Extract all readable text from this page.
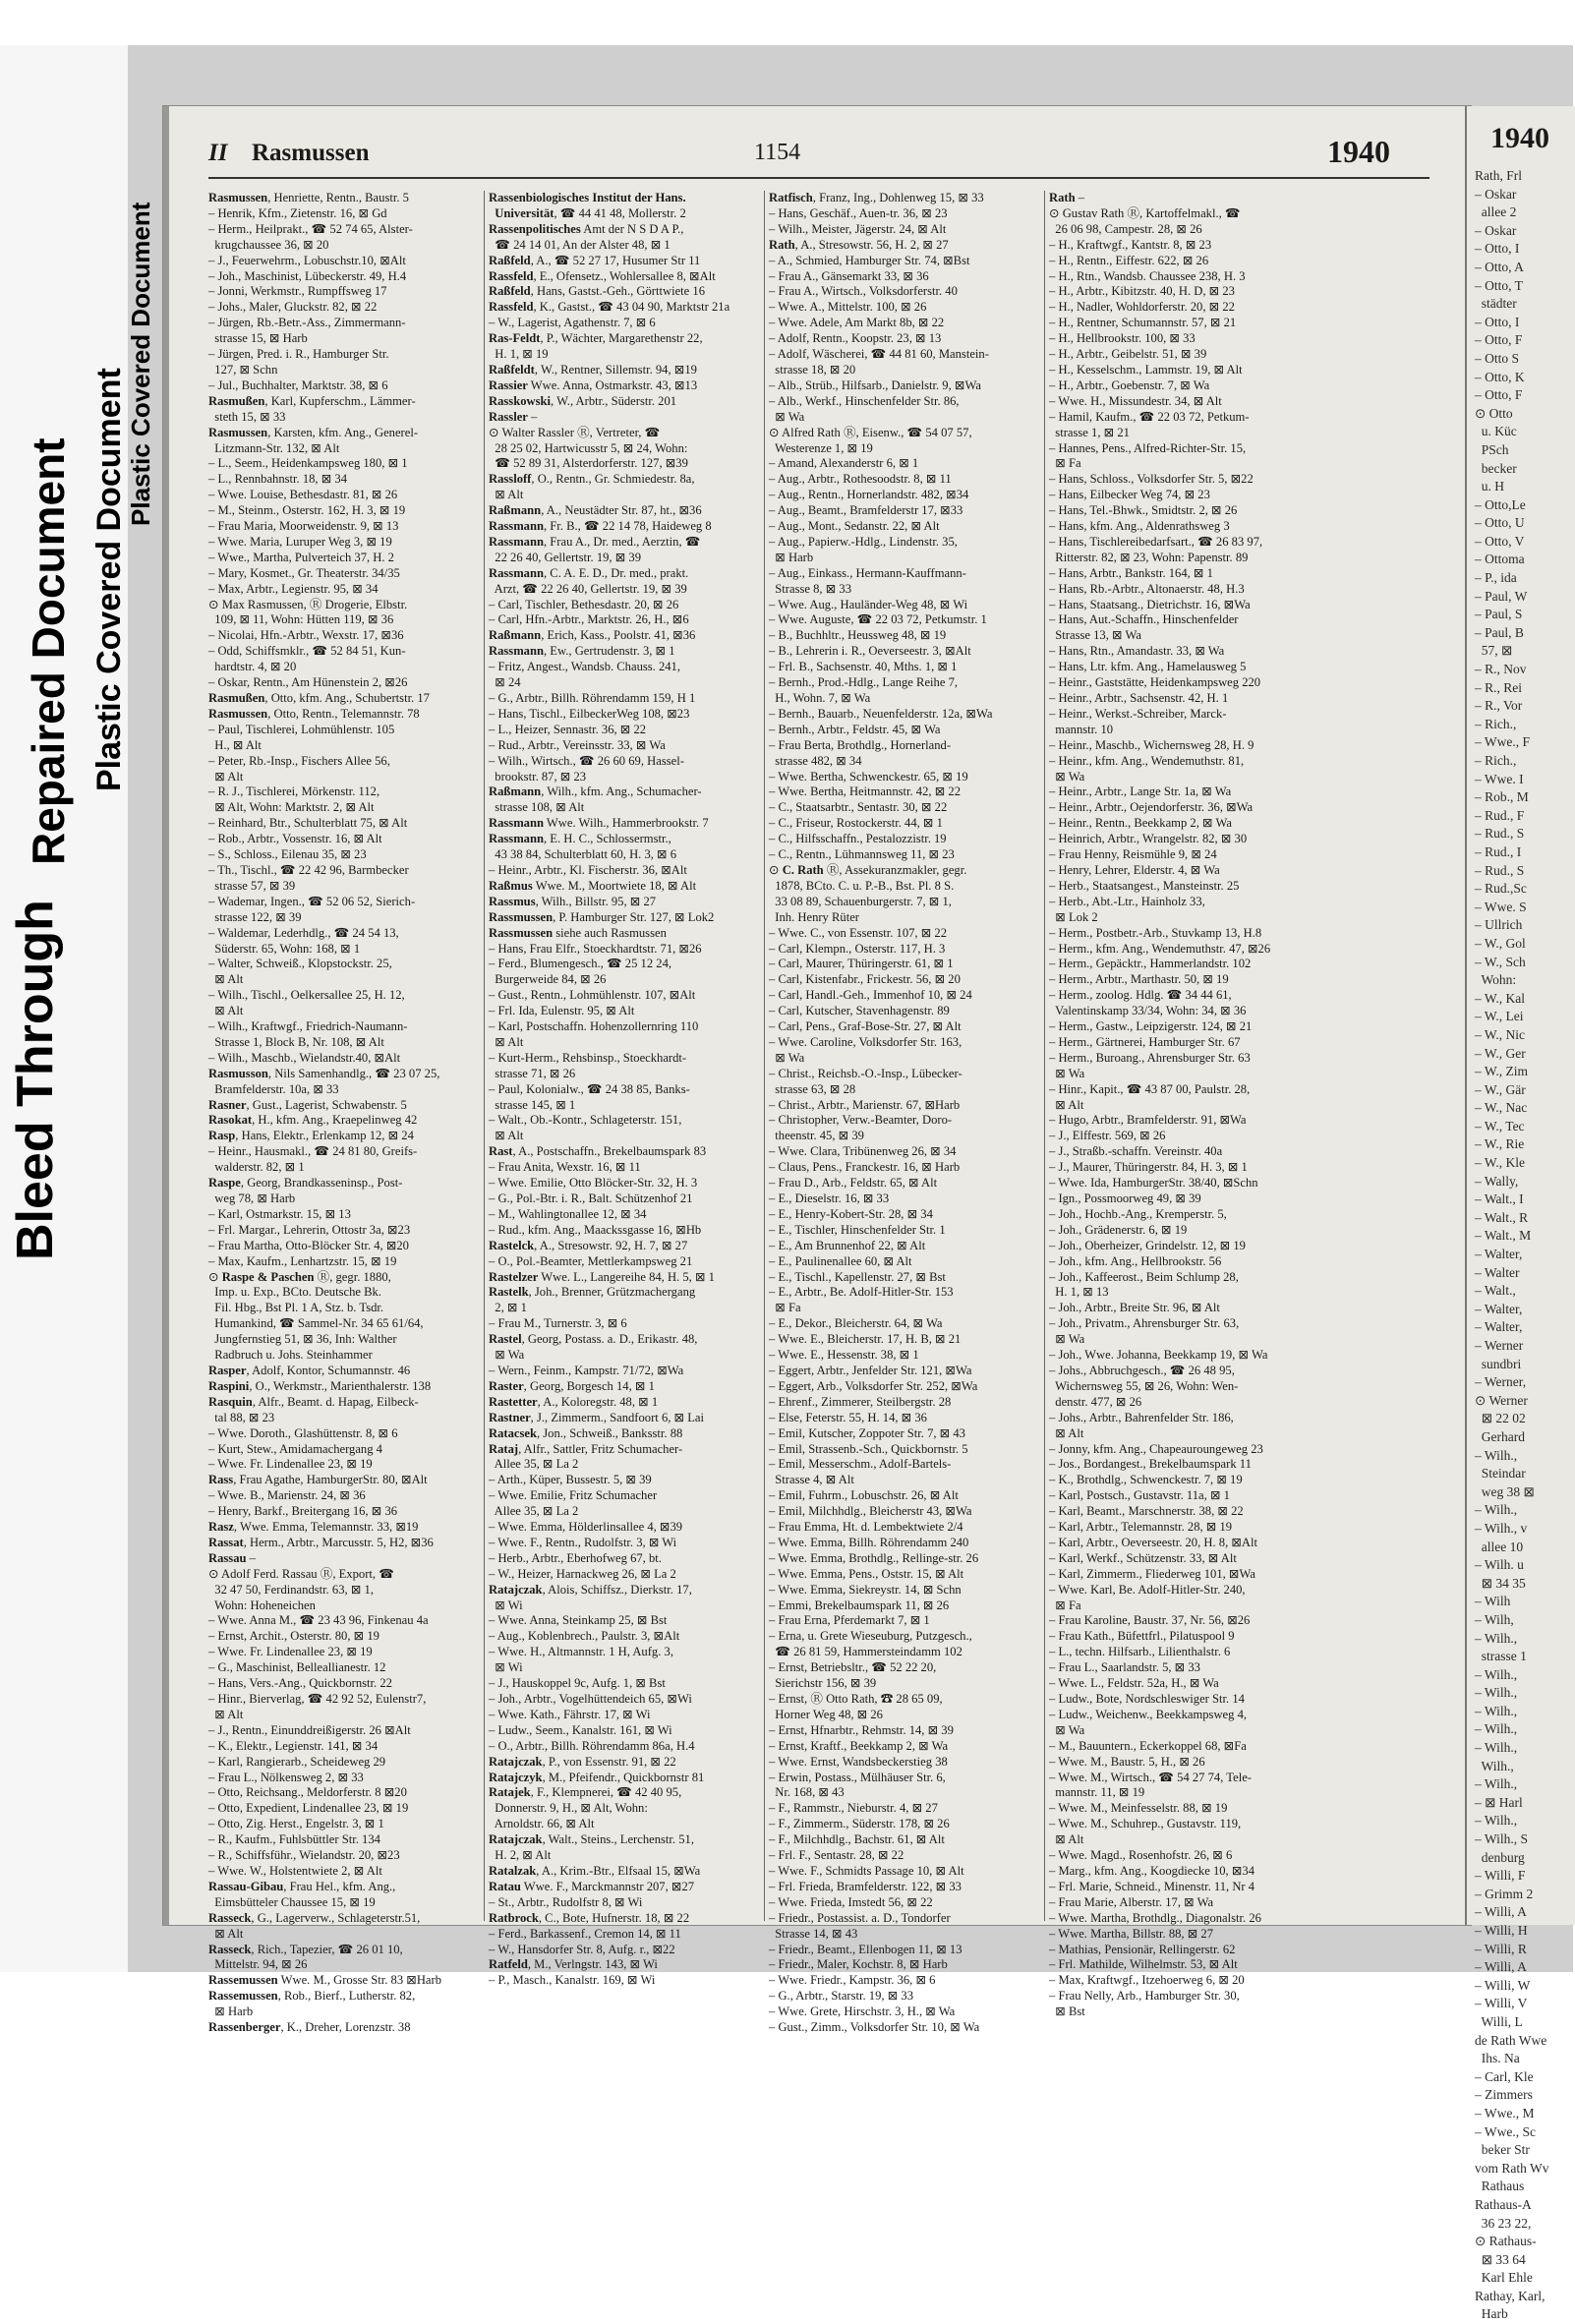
Bleed Through
Repaired Document Plastic Covered Document
Plastic Covered Document
II Rasmussen	1154	1940
Rasmussen, Henriette, Rentn., Baustr. 5
– Henrik, Kfm., Zietenstr. 16, ⊠ Gd
– Herm., Heilprakt., ☎ 52 74 65, Alster-
krugchaussee 36, ⊠ 20
– J., Feuerwehrm., Lobuschstr.10, ⊠Alt
– Joh., Maschinist, Lübeckerstr. 49, H.4
– Jonni, Werkmstr., Rumpffsweg 17
– Johs., Maler, Gluckstr. 82, ⊠ 22
– Jürgen, Rb.-Betr.-Ass., Zimmermann-
strasse 15, ⊠ Harb
– Jürgen, Pred. i. R., Hamburger Str.
127, ⊠ Schn
– Jul., Buchhalter, Marktstr. 38, ⊠ 6
Rasmußen, Karl, Kupferschm., Lämmer-
steth 15, ⊠ 33
Rasmussen, Karsten, kfm. Ang., Generel-
Litzmann-Str. 132, ⊠ Alt
– L., Seem., Heidenkampsweg 180, ⊠ 1
– L., Rennbahnstr. 18, ⊠ 34
– Wwe. Louise, Bethesdastr. 81, ⊠ 26
– M., Steinm., Osterstr. 162, H. 3, ⊠ 19
– Frau Maria, Moorweidenstr. 9, ⊠ 13
– Wwe. Maria, Luruper Weg 3, ⊠ 19
– Wwe., Martha, Pulverteich 37, H. 2
– Mary, Kosmet., Gr. Theaterstr. 34/35
– Max, Arbtr., Legienstr. 95, ⊠ 34
⊙ Max Rasmussen, Ⓡ Drogerie, Elbstr.
109, ⊠ 11, Wohn: Hütten 119, ⊠ 36
– Nicolai, Hfn.-Arbtr., Wexstr. 17, ⊠36
– Odd, Schiffsmklr., ☎ 52 84 51, Kun-
hardtstr. 4, ⊠ 20
– Oskar, Rentn., Am Hünenstein 2, ⊠26
Rasmußen, Otto, kfm. Ang., Schubertstr. 17
Rasmussen, Otto, Rentn., Telemannstr. 78
– Paul, Tischlerei, Lohmühlenstr. 105
H., ⊠ Alt
– Peter, Rb.-Insp., Fischers Allee 56,
⊠ Alt
– R. J., Tischlerei, Mörkenstr. 112,
⊠ Alt, Wohn: Marktstr. 2, ⊠ Alt
– Reinhard, Btr., Schulterblatt 75, ⊠ Alt
– Rob., Arbtr., Vossenstr. 16, ⊠ Alt
– S., Schloss., Eilenau 35, ⊠ 23
– Th., Tischl., ☎ 22 42 96, Barmbecker
strasse 57, ⊠ 39
– Wademar, Ingen., ☎ 52 06 52, Sierich-
strasse 122, ⊠ 39
– Waldemar, Lederhdlg., ☎ 24 54 13,
Süderstr. 65, Wohn: 168, ⊠ 1
– Walter, Schweiß., Klopstockstr. 25,
⊠ Alt
– Wilh., Tischl., Oelkersallee 25, H. 12,
⊠ Alt
– Wilh., Kraftwgf., Friedrich-Naumann-
Strasse 1, Block B, Nr. 108, ⊠ Alt
– Wilh., Maschb., Wielandstr.40, ⊠Alt
Rasmusson, Nils Samenhandlg., ☎ 23 07 25,
Bramfelderstr. 10a, ⊠ 33
Rasner, Gust., Lagerist, Schwabenstr. 5
Rasokat, H., kfm. Ang., Kraepelinweg 42
Rasp, Hans, Elektr., Erlenkamp 12, ⊠ 24
– Heinr., Hausmakl., ☎ 24 81 80, Greifs-
walderstr. 82, ⊠ 1
Raspe, Georg, Brandkasseninsp., Post-
weg 78, ⊠ Harb
– Karl, Ostmarkstr. 15, ⊠ 13
– Frl. Margar., Lehrerin, Ottostr 3a, ⊠23
– Frau Martha, Otto-Blöcker Str. 4, ⊠20
– Max, Kaufm., Lenhartzstr. 15, ⊠ 19
⊙ Raspe & Paschen Ⓡ, gegr. 1880,
Imp. u. Exp., BCto. Deutsche Bk.
Fil. Hbg., Bst Pl. 1 A, Stz. b. Tsdr.
Humankind, ☎ Sammel-Nr. 34 65 61/64,
Jungfernstieg 51, ⊠ 36, Inh: Walther
Radbruch u. Johs. Steinhammer
Rasper, Adolf, Kontor, Schumannstr. 46
Raspini, O., Werkmstr., Marienthalerstr. 138
Rasquin, Alfr., Beamt. d. Hapag, Eilbeck-
tal 88, ⊠ 23
– Wwe. Doroth., Glashüttenstr. 8, ⊠ 6
– Kurt, Stew., Amidamachergang 4
– Wwe. Fr. Lindenallee 23, ⊠ 19
Rass, Frau Agathe, HamburgerStr. 80, ⊠Alt
– Wwe. B., Marienstr. 24, ⊠ 36
– Henry, Barkf., Breitergang 16, ⊠ 36
Rasz, Wwe. Emma, Telemannstr. 33, ⊠19
Rassat, Herm., Arbtr., Marcusstr. 5, H2, ⊠36
Rassau –
⊙ Adolf Ferd. Rassau Ⓡ, Export, ☎
32 47 50, Ferdinandstr. 63, ⊠ 1,
Wohn: Hoheneichen
– Wwe. Anna M., ☎ 23 43 96, Finkenau 4a
– Ernst, Archit., Osterstr. 80, ⊠ 19
– Wwe. Fr. Lindenallee 23, ⊠ 19
– G., Maschinist, Belleallianestr. 12
– Hans, Vers.-Ang., Quickbornstr. 22
– Hinr., Bierverlag, ☎ 42 92 52, Eulenstr7,
⊠ Alt
– J., Rentn., Einunddreißigerstr. 26 ⊠Alt
– K., Elektr., Legienstr. 141, ⊠ 34
– Karl, Rangierarb., Scheideweg 29
– Frau L., Nölkensweg 2, ⊠ 33
– Otto, Reichsang., Meldorferstr. 8 ⊠20
– Otto, Expedient, Lindenallee 23, ⊠ 19
– Otto, Zig. Herst., Engelstr. 3, ⊠ 1
– R., Kaufm., Fuhlsbüttler Str. 134
– R., Schiffsführ., Wielandstr. 20, ⊠23
– Wwe. W., Holstentwiete 2, ⊠ Alt
Rassau-Gibau, Frau Hel., kfm. Ang.,
Eimsbütteler Chaussee 15, ⊠ 19
Rasseck, G., Lagerverw., Schlageterstr.51,
⊠ Alt
Rasseck, Rich., Tapezier, ☎ 26 01 10,
Mittelstr. 94, ⊠ 26
Rassemussen Wwe. M., Grosse Str. 83 ⊠Harb
Rassemussen, Rob., Bierf., Lutherstr. 82,
⊠ Harb
Rassenberger, K., Dreher, Lorenzstr. 38
Rassenbiologisches Institut der Hans.
Universität, ☎ 44 41 48, Mollerstr. 2
Rassenpolitisches Amt der N S D A P.,
☎ 24 14 01, An der Alster 48, ⊠ 1
Raßfeld, A., ☎ 52 27 17, Husumer Str 11
Rassfeld, E., Ofensetz., Wohlersallee 8, ⊠Alt
Raßfeld, Hans, Gastst.-Geh., Görttwiete 16
Rassfeld, K., Gastst., ☎ 43 04 90, Marktstr 21a
– W., Lagerist, Agathenstr. 7, ⊠ 6
Ras-Feldt, P., Wächter, Margarethenstr 22,
H. 1, ⊠ 19
Raßfeldt, W., Rentner, Sillemstr. 94, ⊠19
Rassier Wwe. Anna, Ostmarkstr. 43, ⊠13
Rasskowski, W., Arbtr., Süderstr. 201
Rassler –
⊙ Walter Rassler Ⓡ, Vertreter, ☎
28 25 02, Hartwicusstr 5, ⊠ 24, Wohn:
☎ 52 89 31, Alsterdorferstr. 127, ⊠39
Rassloff, O., Rentn., Gr. Schmiedestr. 8a,
⊠ Alt
Raßmann, A., Neustädter Str. 87, ht., ⊠36
Rassmann, Fr. B., ☎ 22 14 78, Haideweg 8
Rassmann, Frau A., Dr. med., Aerztin, ☎
22 26 40, Gellertstr. 19, ⊠ 39
Rassmann, C. A. E. D., Dr. med., prakt.
Arzt, ☎ 22 26 40, Gellertstr. 19, ⊠ 39
– Carl, Tischler, Bethesdastr. 20, ⊠ 26
– Carl, Hfn.-Arbtr., Marktstr. 26, H., ⊠6
Raßmann, Erich, Kass., Poolstr. 41, ⊠36
Rassmann, Ew., Gertrudenstr. 3, ⊠ 1
– Fritz, Angest., Wandsb. Chauss. 241,
⊠ 24
– G., Arbtr., Billh. Röhrendamm 159, H 1
– Hans, Tischl., EilbeckerWeg 108, ⊠23
– L., Heizer, Sennastr. 36, ⊠ 22
– Rud., Arbtr., Vereinsstr. 33, ⊠ Wa
– Wilh., Wirtsch., ☎ 26 60 69, Hassel-
brookstr. 87, ⊠ 23
Raßmann, Wilh., kfm. Ang., Schumacher-
strasse 108, ⊠ Alt
Rassmann Wwe. Wilh., Hammerbrookstr. 7
Rassmann, E. H. C., Schlossermstr.,
43 38 84, Schulterblatt 60, H. 3, ⊠ 6
– Heinr., Arbtr., Kl. Fischerstr. 36, ⊠Alt
Raßmus Wwe. M., Moortwiete 18, ⊠ Alt
Rassmus, Wilh., Billstr. 95, ⊠ 27
Rassmussen, P. Hamburger Str. 127, ⊠ Lok2
Rassmussen siehe auch Rasmussen
– Hans, Frau Elfr., Stoeckhardtstr. 71, ⊠26
– Ferd., Blumengesch., ☎ 25 12 24,
Burgerweide 84, ⊠ 26
– Gust., Rentn., Lohmühlenstr. 107, ⊠Alt
– Frl. Ida, Eulenstr. 95, ⊠ Alt
– Karl, Postschaffn. Hohenzollernring 110
⊠ Alt
– Kurt-Herm., Rehsbinsp., Stoeckhardt-
strasse 71, ⊠ 26
– Paul, Kolonialw., ☎ 24 38 85, Banks-
strasse 145, ⊠ 1
– Walt., Ob.-Kontr., Schlageterstr. 151,
⊠ Alt
Rast, A., Postschaffn., Brekelbaumspark 83
– Frau Anita, Wexstr. 16, ⊠ 11
– Wwe. Emilie, Otto Blöcker-Str. 32, H. 3
– G., Pol.-Btr. i. R., Balt. Schützenhof 21
– M., Wahlingtonallee 12, ⊠ 34
– Rud., kfm. Ang., Maackssgasse 16, ⊠Hb
Rastelck, A., Stresowstr. 92, H. 7, ⊠ 27
– O., Pol.-Beamter, Mettlerkampsweg 21
Rastelzer Wwe. L., Langereihe 84, H. 5, ⊠ 1
Rastelk, Joh., Brenner, Grützmachergang
2, ⊠ 1
– Frau M., Turnerstr. 3, ⊠ 6
Rastel, Georg, Postass. a. D., Erikastr. 48,
⊠ Wa
– Wern., Feinm., Kampstr. 71/72, ⊠Wa
Raster, Georg, Borgesch 14, ⊠ 1
Rastetter, A., Koloregstr. 48, ⊠ 1
Rastner, J., Zimmerm., Sandfoort 6, ⊠ Lai
Ratacsek, Jon., Schweiß., Banksstr. 88
Rataj, Alfr., Sattler, Fritz Schumacher-
Allee 35, ⊠ La 2
– Arth., Küper, Bussestr. 5, ⊠ 39
– Wwe. Emilie, Fritz Schumacher
Allee 35, ⊠ La 2
– Wwe. Emma, Hölderlinsallee 4, ⊠39
– Wwe. F., Rentn., Rudolfstr. 3, ⊠ Wi
– Herb., Arbtr., Eberhofweg 67, bt.
– W., Heizer, Harnackweg 26, ⊠ La 2
Ratajczak, Alois, Schiffsz., Dierkstr. 17,
⊠ Wi
– Wwe. Anna, Steinkamp 25, ⊠ Bst
– Aug., Koblenbrech., Paulstr. 3, ⊠Alt
– Wwe. H., Altmannstr. 1 H, Aufg. 3,
⊠ Wi
– J., Hauskoppel 9c, Aufg. 1, ⊠ Bst
– Joh., Arbtr., Vogelhüttendeich 65, ⊠Wi
– Wwe. Kath., Fährstr. 17, ⊠ Wi
– Ludw., Seem., Kanalstr. 161, ⊠ Wi
– O., Arbtr., Billh. Röhrendamm 86a, H.4
Ratajczak, P., von Essenstr. 91, ⊠ 22
Ratajczyk, M., Pfeifendr., Quickbornstr 81
Ratajek, F., Klempnerei, ☎ 42 40 95,
Donnerstr. 9, H., ⊠ Alt, Wohn:
Arnoldstr. 66, ⊠ Alt
Ratajczak, Walt., Steins., Lerchenstr. 51,
H. 2, ⊠ Alt
Ratalzak, A., Krim.-Btr., Elfsaal 15, ⊠Wa
Ratau Wwe. F., Marckmannstr 207, ⊠27
– St., Arbtr., Rudolfstr 8, ⊠ Wi
Ratbrock, C., Bote, Hufnerstr. 18, ⊠ 22
– Ferd., Barkassenf., Cremon 14, ⊠ 11
– W., Hansdorfer Str. 8, Aufg. r., ⊠22
Ratfeld, M., Verlngstr. 143, ⊠ Wi
– P., Masch., Kanalstr. 169, ⊠ Wi
Ratfisch, Franz, Ing., Dohlenweg 15, ⊠ 33
– Hans, Geschäf., Auen-tr. 36, ⊠ 23
– Wilh., Meister, Jägerstr. 24, ⊠ Alt
Rath, A., Stresowstr. 56, H. 2, ⊠ 27
– A., Schmied, Hamburger Str. 74, ⊠Bst
– Frau A., Gänsemarkt 33, ⊠ 36
– Frau A., Wirtsch., Volksdorferstr. 40
– Wwe. A., Mittelstr. 100, ⊠ 26
– Wwe. Adele, Am Markt 8b, ⊠ 22
– Adolf, Rentn., Koopstr. 23, ⊠ 13
– Adolf, Wäscherei, ☎ 44 81 60, Manstein-
strasse 18, ⊠ 20
– Alb., Strüb., Hilfsarb., Danielstr. 9, ⊠Wa
– Alb., Werkf., Hinschenfelder Str. 86,
⊠ Wa
⊙ Alfred Rath Ⓡ, Eisenw., ☎ 54 07 57,
Westerenze 1, ⊠ 19
– Amand, Alexanderstr 6, ⊠ 1
– Aug., Arbtr., Rothesoodstr. 8, ⊠ 11
– Aug., Rentn., Hornerlandstr. 482, ⊠34
– Aug., Beamt., Bramfelderstr 17, ⊠33
– Aug., Mont., Sedanstr. 22, ⊠ Alt
– Aug., Papierw.-Hdlg., Lindenstr. 35,
⊠ Harb
– Aug., Einkass., Hermann-Kauffmann-
Strasse 8, ⊠ 33
– Wwe. Aug., Hauländer-Weg 48, ⊠ Wi
– Wwe. Auguste, ☎ 22 03 72, Petkumstr. 1
– B., Buchhltr., Heussweg 48, ⊠ 19
– B., Lehrerin i. R., Oeverseestr. 3, ⊠Alt
– Frl. B., Sachsenstr. 40, Mths. 1, ⊠ 1
– Bernh., Prod.-Hdlg., Lange Reihe 7,
H., Wohn. 7, ⊠ Wa
– Bernh., Bauarb., Neuenfelderstr. 12a, ⊠Wa
– Bernh., Arbtr., Feldstr. 45, ⊠ Wa
– Frau Berta, Brothdlg., Hornerland-
strasse 482, ⊠ 34
– Wwe. Bertha, Schwenckestr. 65, ⊠ 19
– Wwe. Bertha, Heitmannstr. 42, ⊠ 22
– C., Staatsarbtr., Sentastr. 30, ⊠ 22
– C., Friseur, Rostockerstr. 44, ⊠ 1
– C., Hilfsschaffn., Pestalozzistr. 19
– C., Rentn., Lühmannsweg 11, ⊠ 23
⊙ C. Rath Ⓡ, Assekuranzmakler, gegr.
1878, BCto. C. u. P.-B., Bst. Pl. 8 S.
33 08 89, Schauenburgerstr. 7, ⊠ 1,
Inh. Henry Rüter
– Wwe. C., von Essenstr. 107, ⊠ 22
– Carl, Klempn., Osterstr. 117, H. 3
– Carl, Maurer, Thüringerstr. 61, ⊠ 1
– Carl, Kistenfabr., Frickestr. 56, ⊠ 20
– Carl, Handl.-Geh., Immenhof 10, ⊠ 24
– Carl, Kutscher, Stavenhagenstr. 89
– Carl, Pens., Graf-Bose-Str. 27, ⊠ Alt
– Wwe. Caroline, Volksdorfer Str. 163,
⊠ Wa
– Christ., Reichsb.-O.-Insp., Lübecker-
strasse 63, ⊠ 28
– Christ., Arbtr., Marienstr. 67, ⊠Harb
– Christopher, Verw.-Beamter, Doro-
theenstr. 45, ⊠ 39
– Wwe. Clara, Tribünenweg 26, ⊠ 34
– Claus, Pens., Franckestr. 16, ⊠ Harb
– Frau D., Arb., Feldstr. 65, ⊠ Alt
– E., Dieselstr. 16, ⊠ 33
– E., Henry-Kobert-Str. 28, ⊠ 34
– E., Tischler, Hinschenfelder Str. 1
– E., Am Brunnenhof 22, ⊠ Alt
– E., Paulinenallee 60, ⊠ Alt
– E., Tischl., Kapellenstr. 27, ⊠ Bst
– E., Arbtr., Be. Adolf-Hitler-Str. 153
⊠ Fa
– E., Dekor., Bleicherstr. 64, ⊠ Wa
– Wwe. E., Bleicherstr. 17, H. B, ⊠ 21
– Wwe. E., Hessenstr. 38, ⊠ 1
– Eggert, Arbtr., Jenfelder Str. 121, ⊠Wa
– Eggert, Arb., Volksdorfer Str. 252, ⊠Wa
– Ehrenf., Zimmerer, Steilbergstr. 28
– Else, Feterstr. 55, H. 14, ⊠ 36
– Emil, Kutscher, Zoppoter Str. 7, ⊠ 43
– Emil, Strassenb.-Sch., Quickbornstr. 5
– Emil, Messerschm., Adolf-Bartels-
Strasse 4, ⊠ Alt
– Emil, Fuhrm., Lobuschstr. 26, ⊠ Alt
– Emil, Milchhdlg., Bleicherstr 43, ⊠Wa
– Frau Emma, Ht. d. Lembektwiete 2/4
– Wwe. Emma, Billh. Röhrendamm 240
– Wwe. Emma, Brothdlg., Rellinge-str. 26
– Wwe. Emma, Pens., Oststr. 15, ⊠ Alt
– Wwe. Emma, Siekreystr. 14, ⊠ Schn
– Emmi, Brekelbaumspark 11, ⊠ 26
– Frau Erna, Pferdemarkt 7, ⊠ 1
– Erna, u. Grete Wieseuburg, Putzgesch.,
☎ 26 81 59, Hammersteindamm 102
– Ernst, Betriebsltr., ☎ 52 22 20,
Sierichstr 156, ⊠ 39
– Ernst, Ⓡ Otto Rath, ☎ 28 65 09,
Horner Weg 48, ⊠ 26
– Ernst, Hfnarbtr., Rehmstr. 14, ⊠ 39
– Ernst, Kraftf., Beekkamp 2, ⊠ Wa
– Wwe. Ernst, Wandsbeckerstieg 38
– Erwin, Postass., Mülhäuser Str. 6,
Nr. 168, ⊠ 43
– F., Rammstr., Nieburstr. 4, ⊠ 27
– F., Zimmerm., Süderstr. 178, ⊠ 26
– F., Milchhdlg., Bachstr. 61, ⊠ Alt
– Frl. F., Sentastr. 28, ⊠ 22
– Wwe. F., Schmidts Passage 10, ⊠ Alt
– Frl. Frieda, Bramfelderstr. 122, ⊠ 33
– Wwe. Frieda, Imstedt 56, ⊠ 22
– Friedr., Postassist. a. D., Tondorfer
Strasse 14, ⊠ 43
– Friedr., Beamt., Ellenbogen 11, ⊠ 13
– Friedr., Maler, Kochstr. 8, ⊠ Harb
– Wwe. Friedr., Kampstr. 36, ⊠ 6
– G., Arbtr., Starstr. 19, ⊠ 33
– Wwe. Grete, Hirschstr. 3, H., ⊠ Wa
– Gust., Zimm., Volksdorfer Str. 10, ⊠ Wa
Rath –
⊙ Gustav Rath Ⓡ, Kartoffelmakl., ☎
26 06 98, Campestr. 28, ⊠ 26
– H., Kraftwgf., Kantstr. 8, ⊠ 23
– H., Rentn., Eiffestr. 622, ⊠ 26
– H., Rtn., Wandsb. Chaussee 238, H. 3
– H., Arbtr., Kibitzstr. 40, H. D, ⊠ 23
– H., Nadler, Wohldorferstr. 20, ⊠ 22
– H., Rentner, Schumannstr. 57, ⊠ 21
– H., Hellbrookstr. 100, ⊠ 33
– H., Arbtr., Geibelstr. 51, ⊠ 39
– H., Kesselschm., Lammstr. 19, ⊠ Alt
– H., Arbtr., Goebenstr. 7, ⊠ Wa
– Wwe. H., Missundestr. 34, ⊠ Alt
– Hamil, Kaufm., ☎ 22 03 72, Petkum-
strasse 1, ⊠ 21
– Hannes, Pens., Alfred-Richter-Str. 15,
⊠ Fa
– Hans, Schloss., Volksdorfer Str. 5, ⊠22
– Hans, Eilbecker Weg 74, ⊠ 23
– Hans, Tel.-Bhwk., Smidtstr. 2, ⊠ 26
– Hans, kfm. Ang., Aldenrathsweg 3
– Hans, Tischlereibedarfsart., ☎ 26 83 97,
Ritterstr. 82, ⊠ 23, Wohn: Papenstr. 89
– Hans, Arbtr., Bankstr. 164, ⊠ 1
– Hans, Rb.-Arbtr., Altonaerstr. 48, H.3
– Hans, Staatsang., Dietrichstr. 16, ⊠Wa
– Hans, Aut.-Schaffn., Hinschenfelder
Strasse 13, ⊠ Wa
– Hans, Rtn., Amandastr. 33, ⊠ Wa
– Hans, Ltr. kfm. Ang., Hamelausweg 5
– Heinr., Gaststätte, Heidenkampsweg 220
– Heinr., Arbtr., Sachsenstr. 42, H. 1
– Heinr., Werkst.-Schreiber, Marck-
mannstr. 10
– Heinr., Maschb., Wichernsweg 28, H. 9
– Heinr., kfm. Ang., Wendemuthstr. 81,
⊠ Wa
– Heinr., Arbtr., Lange Str. 1a, ⊠ Wa
– Heinr., Arbtr., Oejendorferstr. 36, ⊠Wa
– Heinr., Rentn., Beekkamp 2, ⊠ Wa
– Heinrich, Arbtr., Wrangelstr. 82, ⊠ 30
– Frau Henny, Reismühle 9, ⊠ 24
– Henry, Lehrer, Elderstr. 4, ⊠ Wa
– Herb., Staatsangest., Mansteinstr. 25
– Herb., Abt.-Ltr., Hainholz 33,
⊠ Lok 2
– Herm., Postbetr.-Arb., Stuvkamp 13, H.8
– Herm., kfm. Ang., Wendemuthstr. 47, ⊠26
– Herm., Gepäcktr., Hammerlandstr. 102
– Herm., Arbtr., Marthastr. 50, ⊠ 19
– Herm., zoolog. Hdlg. ☎ 34 44 61,
Valentinskamp 33/34, Wohn: 34, ⊠ 36
– Herm., Gastw., Leipzigerstr. 124, ⊠ 21
– Herm., Gärtnerei, Hamburger Str. 67
– Herm., Buroang., Ahrensburger Str. 63
⊠ Wa
– Hinr., Kapit., ☎ 43 87 00, Paulstr. 28,
⊠ Alt
– Hugo, Arbtr., Bramfelderstr. 91, ⊠Wa
– J., Elffestr. 569, ⊠ 26
– J., Straßb.-schaffn. Vereinstr. 40a
– J., Maurer, Thüringerstr. 84, H. 3, ⊠ 1
– Wwe. Ida, HamburgerStr. 38/40, ⊠Schn
– Ign., Possmoorweg 49, ⊠ 39
– Joh., Hochb.-Ang., Kremperstr. 5,
– Joh., Grädenerstr. 6, ⊠ 19
– Joh., Oberheizer, Grindelstr. 12, ⊠ 19
– Joh., kfm. Ang., Hellbrookstr. 56
– Joh., Kaffeerost., Beim Schlump 28,
H. 1, ⊠ 13
– Joh., Arbtr., Breite Str. 96, ⊠ Alt
– Joh., Privatm., Ahrensburger Str. 63,
⊠ Wa
– Joh., Wwe. Johanna, Beekkamp 19, ⊠ Wa
– Johs., Abbruchgesch., ☎ 26 48 95,
Wichernsweg 55, ⊠ 26, Wohn: Wen-
denstr. 477, ⊠ 26
– Johs., Arbtr., Bahrenfelder Str. 186,
⊠ Alt
– Jonny, kfm. Ang., Chapeauroungeweg 23
– Jos., Bordangest., Brekelbaumspark 11
– K., Brothdlg., Schwenckestr. 7, ⊠ 19
– Karl, Postsch., Gustavstr. 11a, ⊠ 1
– Karl, Beamt., Marschnerstr. 38, ⊠ 22
– Karl, Arbtr., Telemannstr. 28, ⊠ 19
– Karl, Arbtr., Oeverseestr. 20, H. 8, ⊠Alt
– Karl, Werkf., Schützenstr. 33, ⊠ Alt
– Karl, Zimmerm., Fliederweg 101, ⊠Wa
– Wwe. Karl, Be. Adolf-Hitler-Str. 240,
⊠ Fa
– Frau Karoline, Baustr. 37, Nr. 56, ⊠26
– Frau Kath., Büfettfrl., Pilatuspool 9
– L., techn. Hilfsarb., Lilienthalstr. 6
– Frau L., Saarlandstr. 5, ⊠ 33
– Wwe. L., Feldstr. 52a, H., ⊠ Wa
– Ludw., Bote, Nordschleswiger Str. 14
– Ludw., Weichenw., Beekkampsweg 4,
⊠ Wa
– M., Bauuntern., Eckerkoppel 68, ⊠Fa
– Wwe. M., Baustr. 5, H., ⊠ 26
– Wwe. M., Wirtsch., ☎ 54 27 74, Tele-
mannstr. 11, ⊠ 19
– Wwe. M., Meinfesselstr. 88, ⊠ 19
– Wwe. M., Schuhrep., Gustavstr. 119,
⊠ Alt
– Wwe. Magd., Rosenhofstr. 26, ⊠ 6
– Marg., kfm. Ang., Koogdiecke 10, ⊠34
– Frl. Marie, Schneid., Minenstr. 11, Nr 4
– Frau Marie, Alberstr. 17, ⊠ Wa
– Wwe. Martha, Brothdlg., Diagonalstr. 26
– Wwe. Martha, Billstr. 88, ⊠ 27
– Mathias, Pensionär, Rellingerstr. 62
– Frl. Mathilde, Wilhelmstr. 53, ⊠ Alt
– Max, Kraftwgf., Itzehoerweg 6, ⊠ 20
– Frau Nelly, Arb., Hamburger Str. 30,
⊠ Bst
1940
Rath, Frl
– Oskar
allee 2
– Oskar
– Otto, I
– Otto, A
– Otto, T
städter
– Otto, I
– Otto, F
– Otto S
– Otto, K
– Otto, F
⊙ Otto
u. Küc
PSch
becker
u. H
– Otto,Le
– Otto, U
– Otto, V
– Ottoma
– P., ida
– Paul, W
– Paul, S
– Paul, B
57, ⊠
– R., Nov
– R., Rei
– R., Vor
– Rich.,
– Wwe., F
– Rich.,
– Wwe. I
– Rob., M
– Rud., F
– Rud., S
– Rud., I
– Rud., S
– Rud.,Sc
– Wwe. S
– Ullrich
– W., Gol
– W., Sch
Wohn:
– W., Kal
– W., Lei
– W., Nic
– W., Ger
– W., Zim
– W., Gär
– W., Nac
– W., Tec
– W., Rie
– W., Kle
– Wally,
– Walt., I
– Walt., R
– Walt., M
– Walter,
– Walter
– Walt.,
– Walter,
– Walter,
– Werner
sundbri
– Werner,
⊙ Werner
⊠ 22 02
Gerhard
– Wilh.,
Steindar
weg 38 ⊠
– Wilh.,
– Wilh., v
allee 10
– Wilh. u
⊠ 34 35
– Wilh
– Wilh,
– Wilh.,
strasse 1
– Wilh.,
– Wilh.,
– Wilh.,
– Wilh.,
– Wilh.,
Wilh.,
– Wilh.,
– ⊠ Harl
– Wilh.,
– Wilh., S
denburg
– Willi, F
– Grimm 2
– Willi, A
– Willi, H
– Willi, R
– Willi, A
– Willi, W
– Willi, V
Willi, L
de Rath Wwe
Ihs. Na
– Carl, Kle
– Zimmers
– Wwe., M
– Wwe., Sc
beker Str
vom Rath Wv
Rathaus
Rathaus-A
36 23 22,
⊙ Rathaus-
⊠ 33 64
Karl Ehle
Rathay, Karl,
Harb
